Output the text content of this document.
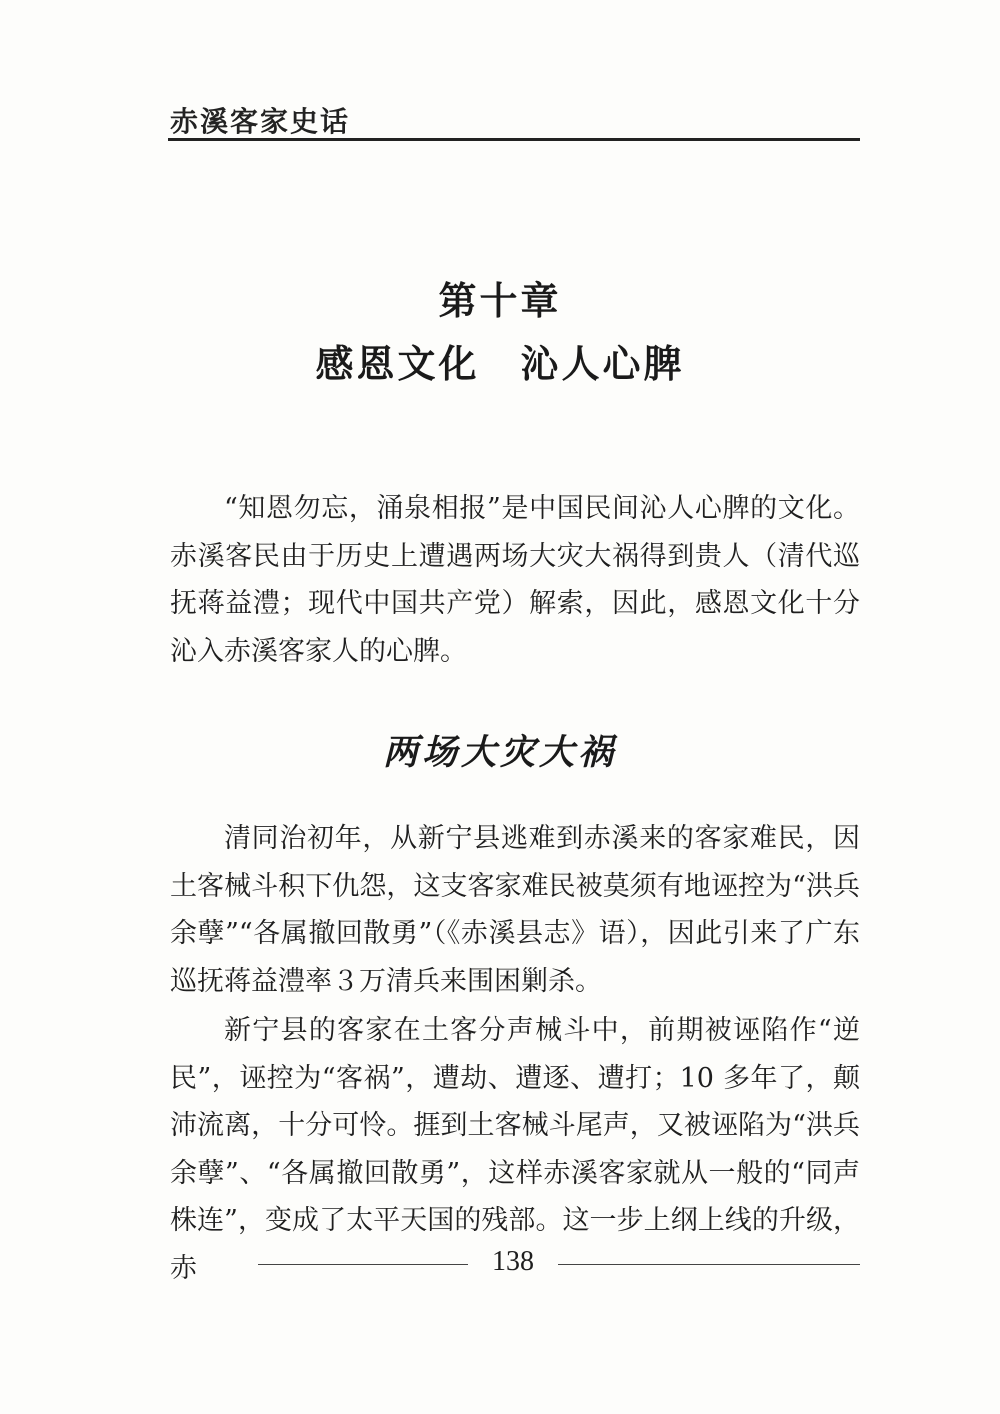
赤溪客家史话
第十章
感恩文化　沁人心脾

“知恩勿忘，涌泉相报”是中国民间沁人心脾的文化。赤溪客民由于历史上遭遇两场大灾大祸得到贵人（清代巡抚蒋益澧；现代中国共产党）解索，因此，感恩文化十分沁入赤溪客家人的心脾。

两场大灾大祸

清同治初年，从新宁县逃难到赤溪来的客家难民，因土客械斗积下仇怨，这支客家难民被莫须有地诬控为“洪兵余孽”“各属撤回散勇”（《赤溪县志》语），因此引来了广东巡抚蒋益澧率３万清兵来围困剿杀。

新宁县的客家在土客分声械斗中，前期被诬陷作“逆民”，诬控为“客祸”，遭劫、遭逐、遭打；10 多年了，颠沛流离，十分可怜。捱到土客械斗尾声，又被诬陷为“洪兵余孽”、“各属撤回散勇”，这样赤溪客家就从一般的“同声株连”，变成了太平天国的残部。这一步上纲上线的升级，赤	138
